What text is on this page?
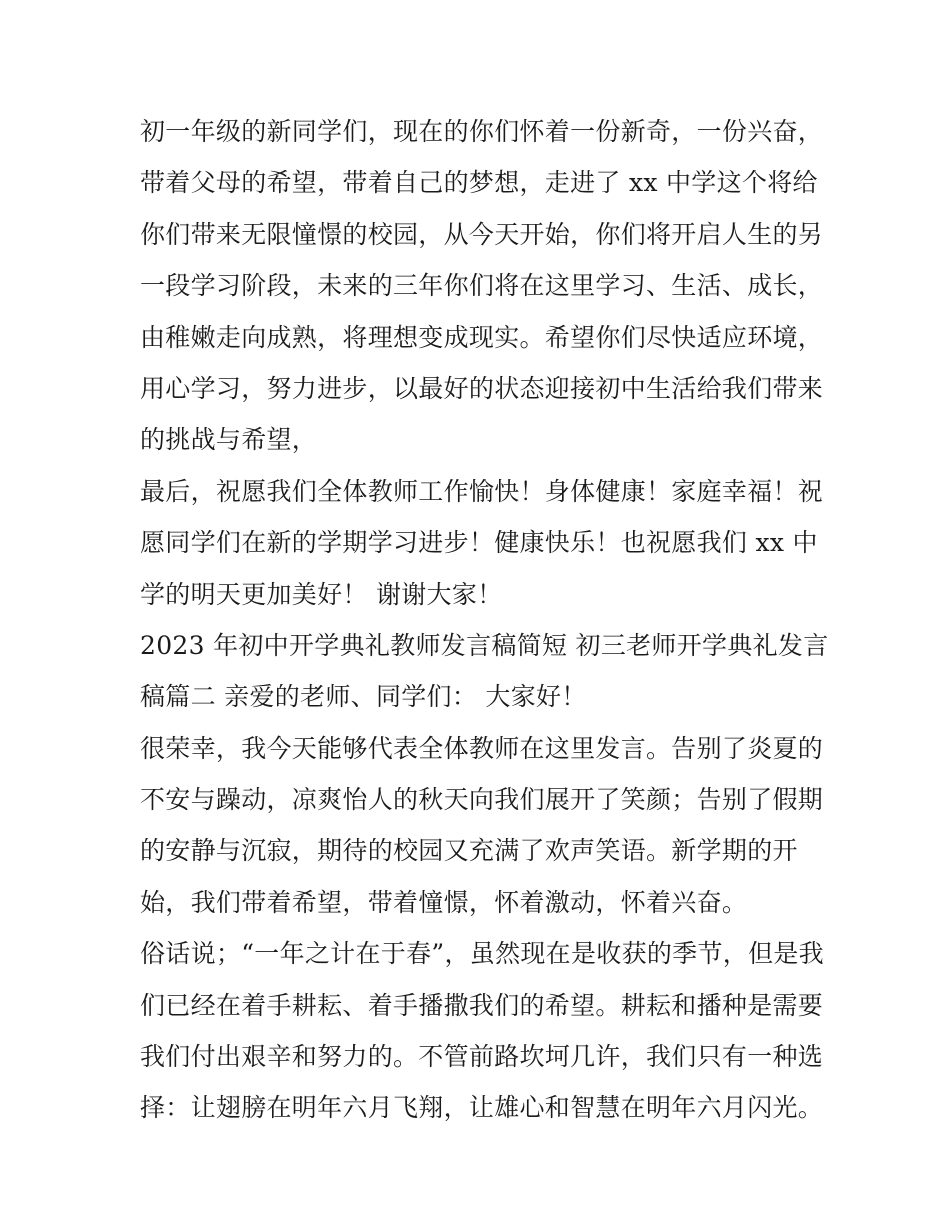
初一年级的新同学们，现在的你们怀着一份新奇，一份兴奋，
带着父母的希望，带着自己的梦想，走进了 xx 中学这个将给
你们带来无限憧憬的校园，从今天开始，你们将开启人生的另
一段学习阶段，未来的三年你们将在这里学习、生活、成长，
由稚嫩走向成熟，将理想变成现实。希望你们尽快适应环境，
用心学习，努力进步，以最好的状态迎接初中生活给我们带来
的挑战与希望，
最后，祝愿我们全体教师工作愉快！身体健康！家庭幸福！祝
愿同学们在新的学期学习进步！健康快乐！也祝愿我们 xx 中
学的明天更加美好！ 谢谢大家！
2023 年初中开学典礼教师发言稿简短 初三老师开学典礼发言
稿篇二 亲爱的老师、同学们： 大家好！
很荣幸，我今天能够代表全体教师在这里发言。告别了炎夏的
不安与躁动，凉爽怡人的秋天向我们展开了笑颜；告别了假期
的安静与沉寂，期待的校园又充满了欢声笑语。新学期的开
始，我们带着希望，带着憧憬，怀着激动，怀着兴奋。
俗话说；“一年之计在于春”，虽然现在是收获的季节，但是我
们已经在着手耕耘、着手播撒我们的希望。耕耘和播种是需要
我们付出艰辛和努力的。不管前路坎坷几许，我们只有一种选
择：让翅膀在明年六月飞翔，让雄心和智慧在明年六月闪光。
